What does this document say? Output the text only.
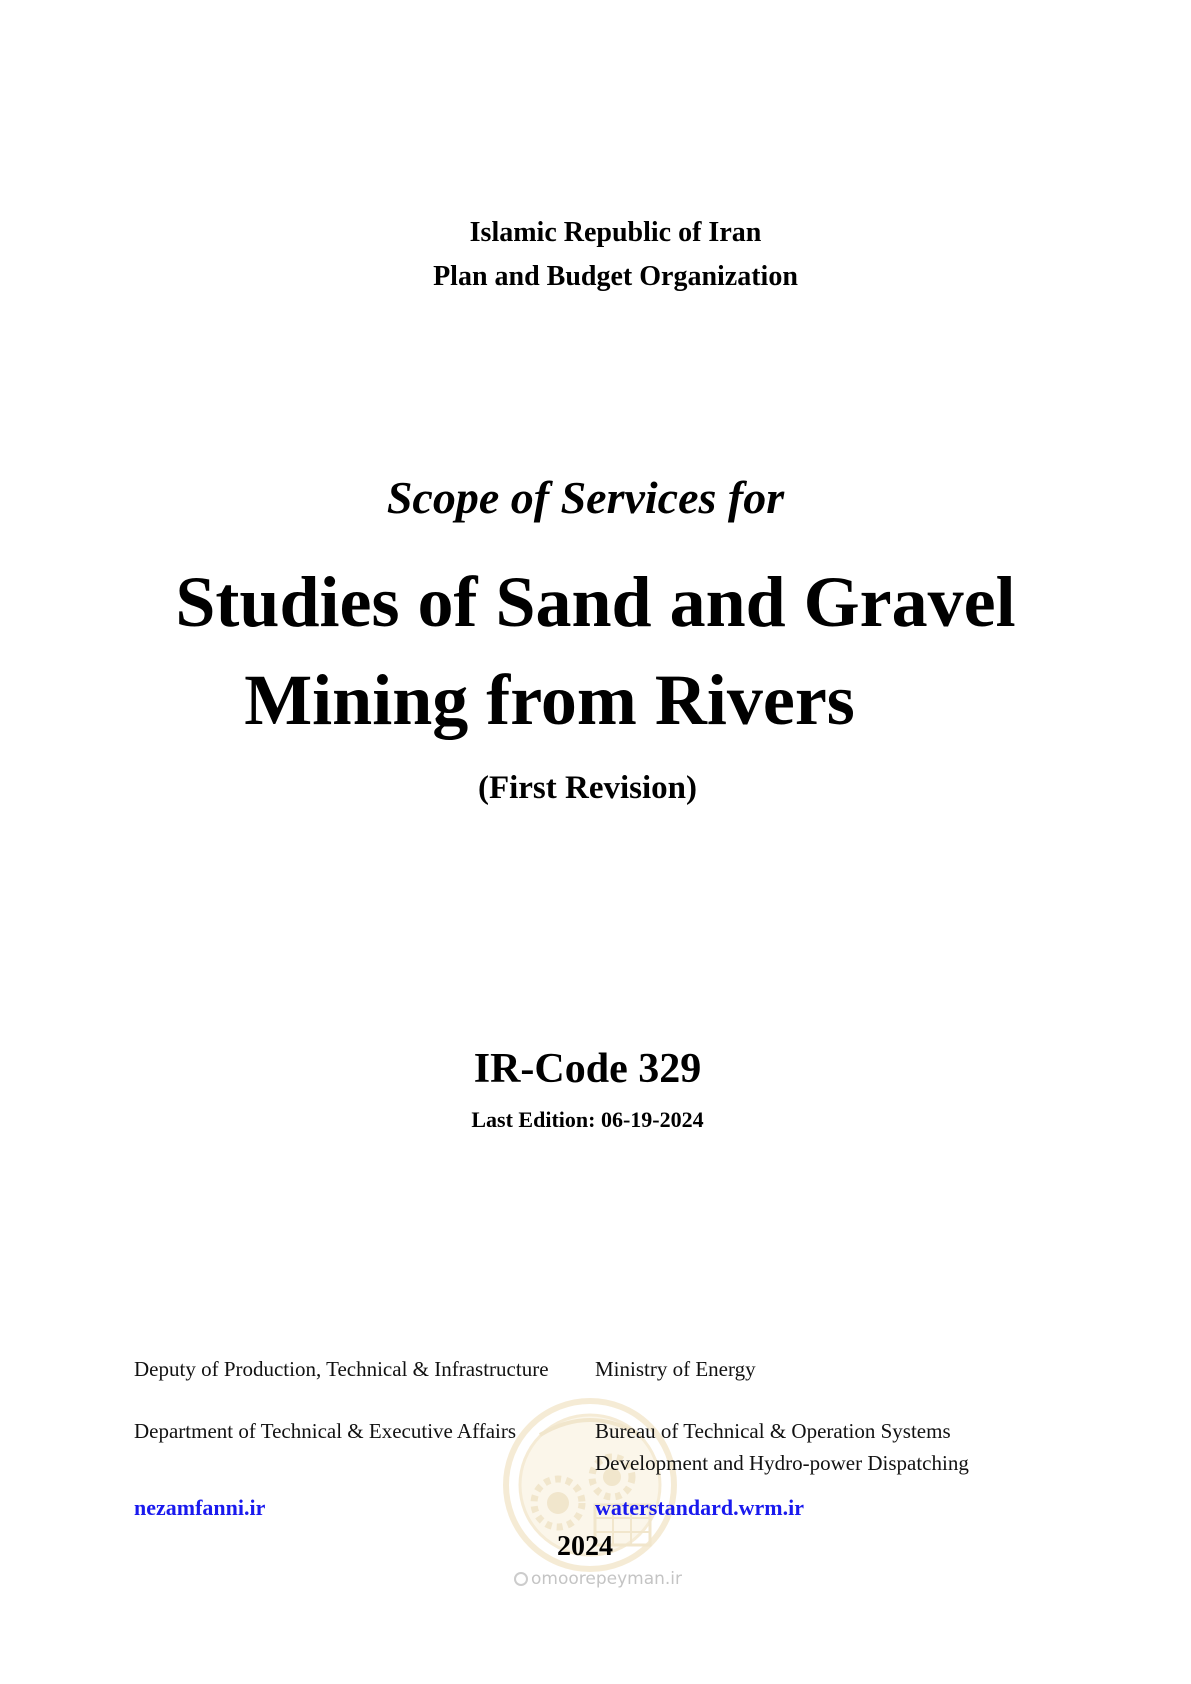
Islamic Republic of Iran
Plan and Budget Organization
Scope of Services for
Studies of Sand and Gravel
Mining from Rivers
(First Revision)
IR-Code 329
Last Edition: 06-19-2024
Deputy of Production, Technical & Infrastructure Ministry of Energy
Department of Technical & Executive Affairs	Bureau of Technical & Operation Systems
Development and Hydro-power Dispatching
nezamfanni.ir	waterstandard.wrm.ir
2024
omoorepeyman.ir
